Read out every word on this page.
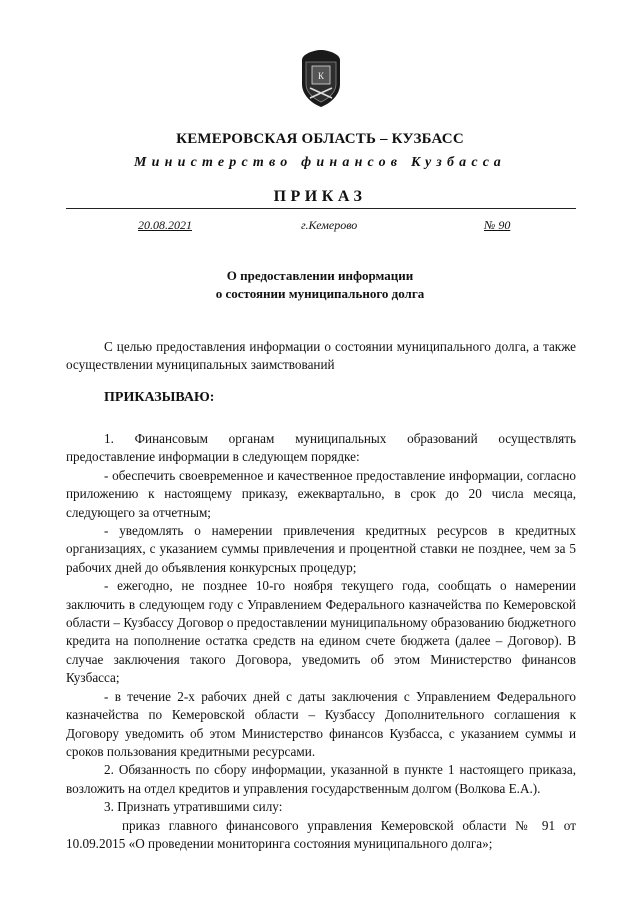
К
КЕМЕРОВСКАЯ ОБЛАСТЬ – КУЗБАСС
Министерство финансов Кузбасса
ПРИКАЗ
20.08.2021	г.Кемерово	№ 90
О предоставлении информации
о состоянии муниципального долга

С целью предоставления информации о состоянии муниципального долга, а также осуществлении муниципальных заимствований

ПРИКАЗЫВАЮ:

1. Финансовым органам муниципальных образований осуществлять предоставление информации в следующем порядке:

- обеспечить своевременное и качественное предоставление информации, согласно приложению к настоящему приказу, ежеквартально, в срок до 20 числа месяца, следующего за отчетным;

- уведомлять о намерении привлечения кредитных ресурсов в кредитных организациях, с указанием суммы привлечения и процентной ставки не позднее, чем за 5 рабочих дней до объявления конкурсных процедур;

- ежегодно, не позднее 10-го ноября текущего года, сообщать о намерении заключить в следующем году с Управлением Федерального казначейства по Кемеровской области – Кузбассу Договор о предоставлении муниципальному образованию бюджетного кредита на пополнение остатка средств на едином счете бюджета (далее – Договор). В случае заключения такого Договора, уведомить об этом Министерство финансов Кузбасса;

- в течение 2-х рабочих дней с даты заключения с Управлением Федерального казначейства по Кемеровской области – Кузбассу Дополнительного соглашения к Договору уведомить об этом Министерство финансов Кузбасса, с указанием суммы и сроков пользования кредитными ресурсами.

2. Обязанность по сбору информации, указанной в пункте 1 настоящего приказа, возложить на отдел кредитов и управления государственным долгом (Волкова Е.А.).

3. Признать утратившими силу:

приказ главного финансового управления Кемеровской области № 91 от 10.09.2015 «О проведении мониторинга состояния муниципального долга»;
